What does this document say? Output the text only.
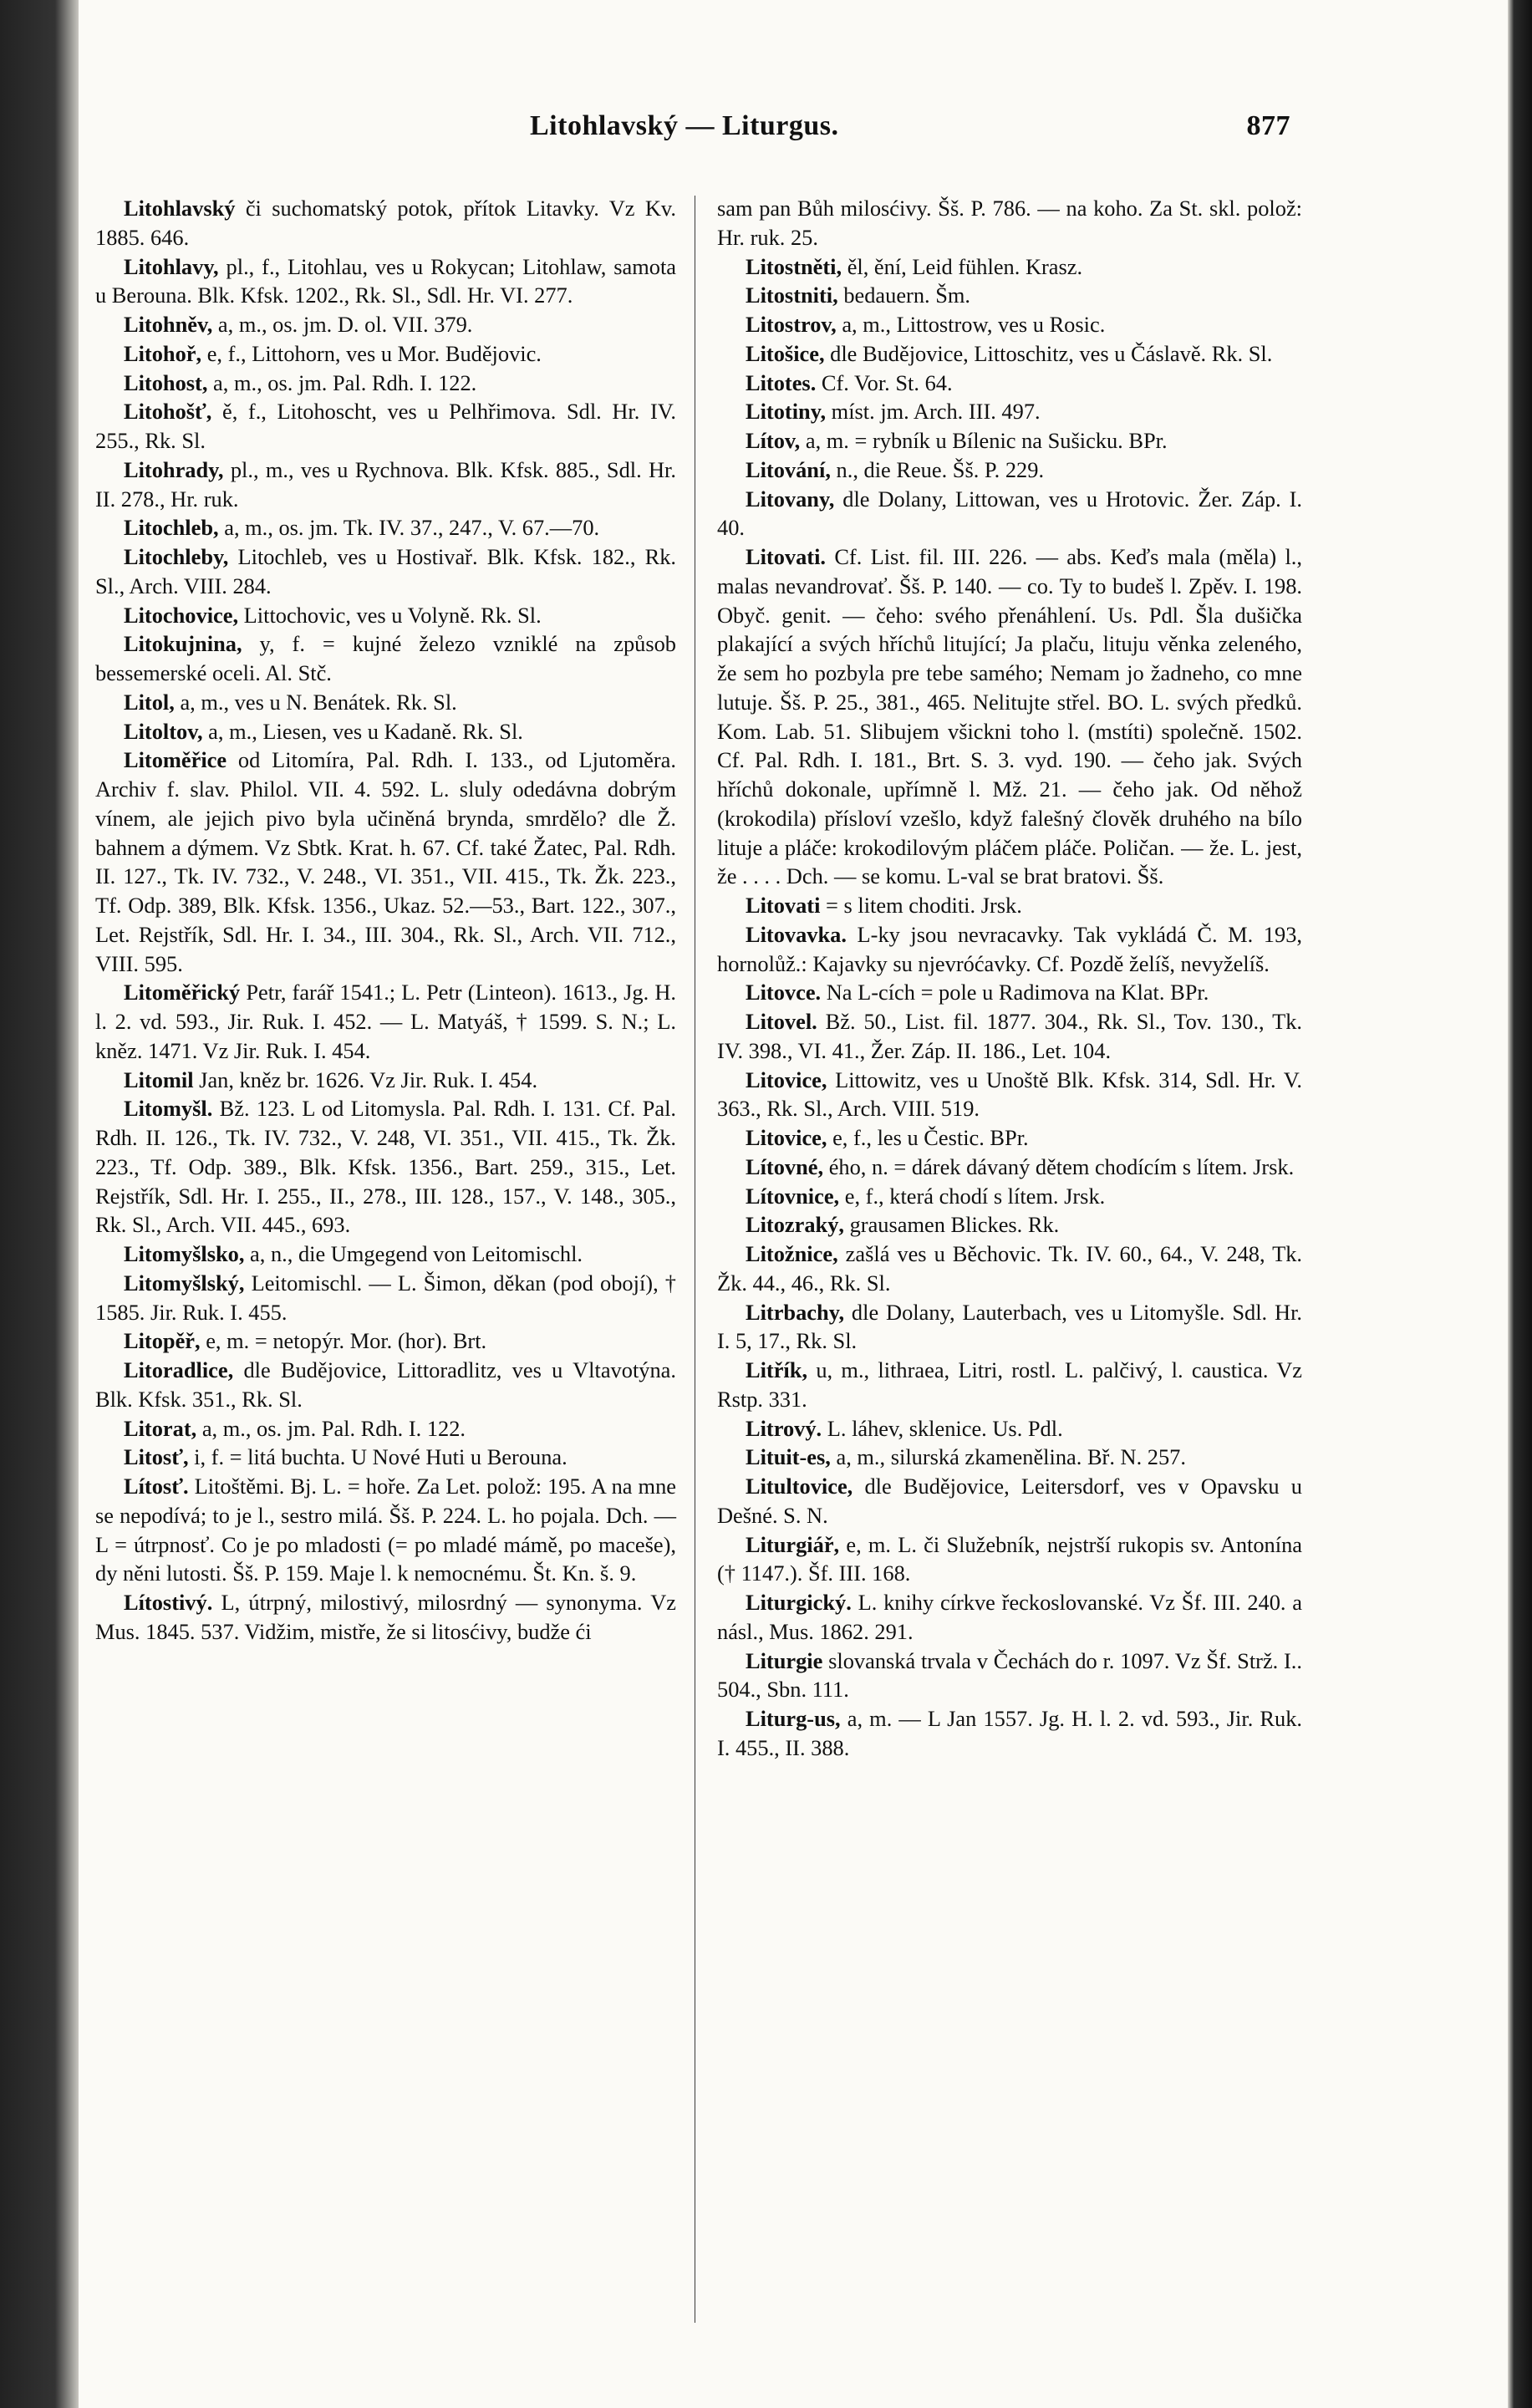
Litohlavský — Liturgus.	877

Litohlavský či suchomatský potok, přítok Litavky. Vz Kv. 1885. 646.

Litohlavy, pl., f., Litohlau, ves u Rokycan; Litohlaw, samota u Berouna. Blk. Kfsk. 1202., Rk. Sl., Sdl. Hr. VI. 277.

Litohněv, a, m., os. jm. D. ol. VII. 379.

Litohoř, e, f., Littohorn, ves u Mor. Budějovic.

Litohost, a, m., os. jm. Pal. Rdh. I. 122.

Litohošť, ě, f., Litohoscht, ves u Pelhřimova. Sdl. Hr. IV. 255., Rk. Sl.

Litohrady, pl., m., ves u Rychnova. Blk. Kfsk. 885., Sdl. Hr. II. 278., Hr. ruk.

Litochleb, a, m., os. jm. Tk. IV. 37., 247., V. 67.—70.

Litochleby, Litochleb, ves u Hostivař. Blk. Kfsk. 182., Rk. Sl., Arch. VIII. 284.

Litochovice, Littochovic, ves u Volyně. Rk. Sl.

Litokujnina, y, f. = kujné železo vzniklé na způsob bessemerské oceli. Al. Stč.

Litol, a, m., ves u N. Benátek. Rk. Sl.

Litoltov, a, m., Liesen, ves u Kadaně. Rk. Sl.

Litoměřice od Litomíra, Pal. Rdh. I. 133., od Ljutoměra. Archiv f. slav. Philol. VII. 4. 592. L. sluly odedávna dobrým vínem, ale jejich pivo byla učiněná brynda, smrdělo? dle Ž. bahnem a dýmem. Vz Sbtk. Krat. h. 67. Cf. také Žatec, Pal. Rdh. II. 127., Tk. IV. 732., V. 248., VI. 351., VII. 415., Tk. Žk. 223., Tf. Odp. 389, Blk. Kfsk. 1356., Ukaz. 52.—53., Bart. 122., 307., Let. Rejstřík, Sdl. Hr. I. 34., III. 304., Rk. Sl., Arch. VII. 712., VIII. 595.

Litoměřický Petr, farář 1541.; L. Petr (Linteon). 1613., Jg. H. l. 2. vd. 593., Jir. Ruk. I. 452. — L. Matyáš, † 1599. S. N.; L. kněz. 1471. Vz Jir. Ruk. I. 454.

Litomil Jan, kněz br. 1626. Vz Jir. Ruk. I. 454.

Litomyšl. Bž. 123. L od Litomysla. Pal. Rdh. I. 131. Cf. Pal. Rdh. II. 126., Tk. IV. 732., V. 248, VI. 351., VII. 415., Tk. Žk. 223., Tf. Odp. 389., Blk. Kfsk. 1356., Bart. 259., 315., Let. Rejstřík, Sdl. Hr. I. 255., II., 278., III. 128., 157., V. 148., 305., Rk. Sl., Arch. VII. 445., 693.

Litomyšlsko, a, n., die Umgegend von Leitomischl.

Litomyšlský, Leitomischl. — L. Šimon, děkan (pod obojí), † 1585. Jir. Ruk. I. 455.

Litopěř, e, m. = netopýr. Mor. (hor). Brt.

Litoradlice, dle Budějovice, Littoradlitz, ves u Vltavotýna. Blk. Kfsk. 351., Rk. Sl.

Litorat, a, m., os. jm. Pal. Rdh. I. 122.

Litosť, i, f. = litá buchta. U Nové Huti u Berouna.

Lítosť. Litoštěmi. Bj. L. = hoře. Za Let. polož: 195. A na mne se nepodívá; to je l., sestro milá. Šš. P. 224. L. ho pojala. Dch. — L = útrpnosť. Co je po mladosti (= po mladé mámě, po maceše), dy něni lutosti. Šš. P. 159. Maje l. k nemocnému. Št. Kn. š. 9.

Lítostivý. L, útrpný, milostivý, milosrdný — synonyma. Vz Mus. 1845. 537. Vidžim, mistře, že si litosćivy, budže ći

sam pan Bůh milosćivy. Šš. P. 786. — na koho. Za St. skl. polož: Hr. ruk. 25.

Litostněti, ěl, ění, Leid fühlen. Krasz.

Litostniti, bedauern. Šm.

Litostrov, a, m., Littostrow, ves u Rosic.

Litošice, dle Budějovice, Littoschitz, ves u Čáslavě. Rk. Sl.

Litotes. Cf. Vor. St. 64.

Litotiny, míst. jm. Arch. III. 497.

Lítov, a, m. = rybník u Bílenic na Sušicku. BPr.

Litování, n., die Reue. Šš. P. 229.

Litovany, dle Dolany, Littowan, ves u Hrotovic. Žer. Záp. I. 40.

Litovati. Cf. List. fil. III. 226. — abs. Keďs mala (měla) l., malas nevandrovať. Šš. P. 140. — co. Ty to budeš l. Zpěv. I. 198. Obyč. genit. — čeho: svého přenáhlení. Us. Pdl. Šla dušička plakající a svých hříchů litující; Ja plaču, lituju věnka zeleného, že sem ho pozbyla pre tebe samého; Nemam jo žadneho, co mne lutuje. Šš. P. 25., 381., 465. Nelitujte střel. BO. L. svých předků. Kom. Lab. 51. Slibujem všickni toho l. (mstíti) společně. 1502. Cf. Pal. Rdh. I. 181., Brt. S. 3. vyd. 190. — čeho jak. Svých hříchů dokonale, upřímně l. Mž. 21. — čeho jak. Od něhož (krokodila) přísloví vzešlo, když falešný člověk druhého na bílo lituje a pláče: krokodilovým pláčem pláče. Poličan. — že. L. jest, že . . . . Dch. — se komu. L-val se brat bratovi. Šš.

Litovati = s litem choditi. Jrsk.

Litovavka. L-ky jsou nevracavky. Tak vykládá Č. M. 193, hornolůž.: Kajavky su njevróćavky. Cf. Pozdě želíš, nevyželíš.

Litovce. Na L-cích = pole u Radimova na Klat. BPr.

Litovel. Bž. 50., List. fil. 1877. 304., Rk. Sl., Tov. 130., Tk. IV. 398., VI. 41., Žer. Záp. II. 186., Let. 104.

Litovice, Littowitz, ves u Unoště Blk. Kfsk. 314, Sdl. Hr. V. 363., Rk. Sl., Arch. VIII. 519.

Litovice, e, f., les u Čestic. BPr.

Lítovné, ého, n. = dárek dávaný dětem chodícím s lítem. Jrsk.

Lítovnice, e, f., která chodí s lítem. Jrsk.

Litozraký, grausamen Blickes. Rk.

Litožnice, zašlá ves u Běchovic. Tk. IV. 60., 64., V. 248, Tk. Žk. 44., 46., Rk. Sl.

Litrbachy, dle Dolany, Lauterbach, ves u Litomyšle. Sdl. Hr. I. 5, 17., Rk. Sl.

Litřík, u, m., lithraea, Litri, rostl. L. palčivý, l. caustica. Vz Rstp. 331.

Litrový. L. láhev, sklenice. Us. Pdl.

Lituit-es, a, m., silurská zkamenělina. Bř. N. 257.

Litultovice, dle Budějovice, Leitersdorf, ves v Opavsku u Dešné. S. N.

Liturgiář, e, m. L. či Služebník, nejstrší rukopis sv. Antonína († 1147.). Šf. III. 168.

Liturgický. L. knihy církve řeckoslovanské. Vz Šf. III. 240. a násl., Mus. 1862. 291.

Liturgie slovanská trvala v Čechách do r. 1097. Vz Šf. Strž. I.. 504., Sbn. 111.

Liturg-us, a, m. — L Jan 1557. Jg. H. l. 2. vd. 593., Jir. Ruk. I. 455., II. 388.
